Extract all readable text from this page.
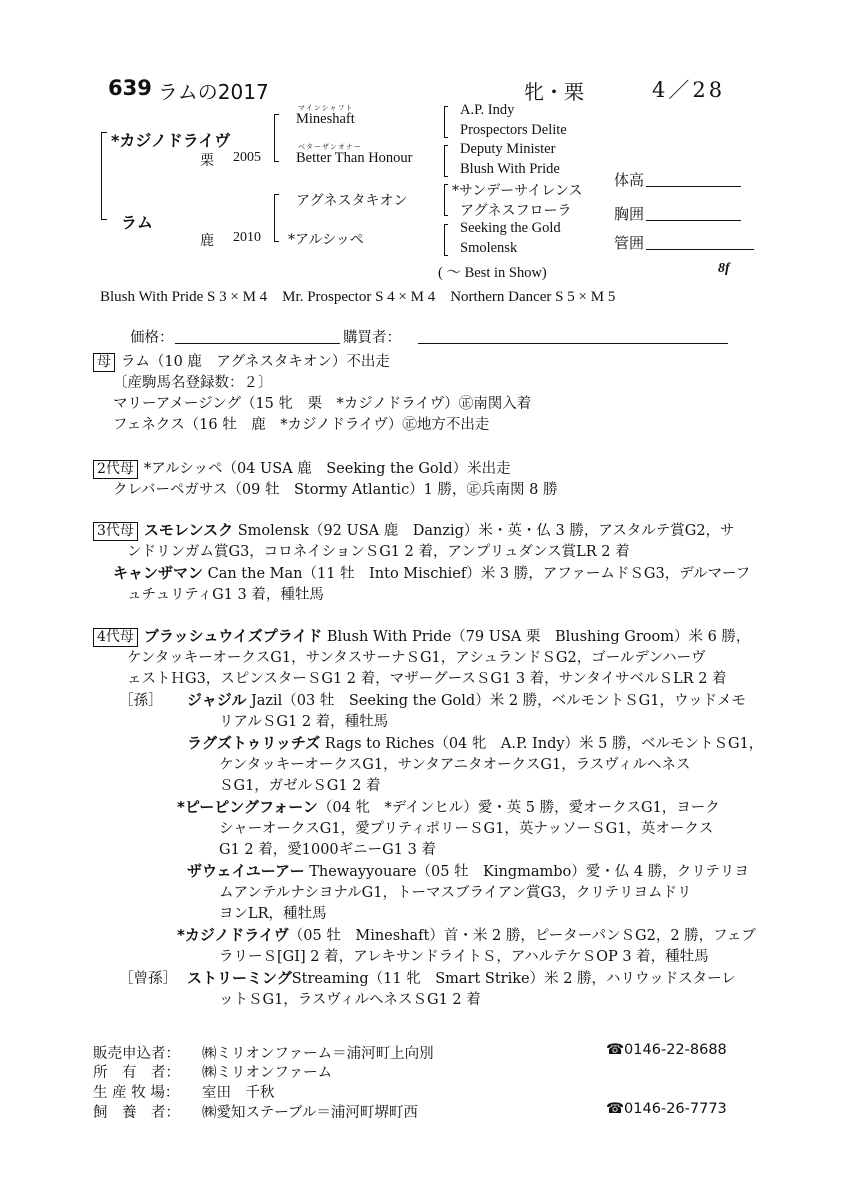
639 ラムの2017	牝・栗	4／28
*カジノドライヴ
栗 2005
マインシャフト
Mineshaft
ベターザンオナー
Better Than Honour
A.P. Indy
Prospectors Delite
Deputy Minister
Blush With Pride
ラム
鹿 2010
アグネスタキオン
*アルシッペ
*サンデーサイレンス
アグネスフローラ
Seeking the Gold
Smolensk
( ～ Best in Show)	8f
体高
胸囲
管囲
Blush With Pride S 3 × M 4　Mr. Prospector S 4 × M 4　Northern Dancer S 5 × M 5
価格：	購買者：
母 ラム（10 鹿　アグネスタキオン）不出走
〔産駒馬名登録数：２〕
マリーアメージング（15 牝　栗　*カジノドライヴ）㊣南関入着
フェネクス（16 牡　鹿　*カジノドライヴ）㊣地方不出走
2代母 *アルシッペ（04 USA 鹿　Seeking the Gold）米出走
クレバーペガサス（09 牡　Stormy Atlantic）1 勝，㊣兵南関 8 勝
3代母 スモレンスク Smolensk（92 USA 鹿　Danzig）米・英・仏 3 勝，アスタルテ賞G2，サ
ンドリンガム賞G3，コロネイションＳG1 2 着，アンプリュダンス賞LR 2 着
キャンザマン Can the Man（11 牡　Into Mischief）米 3 勝，アファームドＳG3，デルマーフ
ュチュリティG1 3 着，種牡馬
4代母 ブラッシュウイズプライド Blush With Pride（79 USA 栗　Blushing Groom）米 6 勝，
ケンタッキーオークスG1，サンタスサーナＳG1，アシュランドＳG2，ゴールデンハーヴ
ェストＨG3，スピンスターＳG1 2 着，マザーグースＳG1 3 着，サンタイサベルＳLR 2 着
［孫］ ジャジル Jazil（03 牡　Seeking the Gold）米 2 勝，ベルモントＳG1，ウッドメモ
リアルＳG1 2 着，種牡馬
ラグズトゥリッチズ Rags to Riches（04 牝　A.P. Indy）米 5 勝，ベルモントＳG1，
ケンタッキーオークスG1，サンタアニタオークスG1，ラスヴィルヘネス
ＳG1，ガゼルＳG1 2 着
*ピーピングフォーン（04 牝　*デインヒル）愛・英 5 勝，愛オークスG1，ヨーク
シャーオークスG1，愛プリティポリーＳG1，英ナッソーＳG1，英オークス
G1 2 着，愛1000ギニーG1 3 着
ザウェイユーアー Thewayyouare（05 牡　Kingmambo）愛・仏 4 勝，クリテリヨ
ムアンテルナシヨナルG1，トーマスブライアン賞G3，クリテリヨムドリ
ヨンLR，種牡馬
*カジノドライヴ（05 牡　Mineshaft）首・米 2 勝，ピーターパンＳG2，2 勝，フェブ
ラリーＳ[GⅠ] 2 着，アレキサンドライトＳ，アハルテケＳOP 3 着，種牡馬
［曾孫］ ストリーミングStreaming（11 牝　Smart Strike）米 2 勝，ハリウッドスターレ
ットＳG1，ラスヴィルヘネスＳG1 2 着
販売申込者： ㈱ミリオンファーム＝浦河町上向別	☎0146-22-8688
所　有　者： ㈱ミリオンファーム
生 産 牧 場： 室田　千秋
飼　養　者： ㈱愛知ステーブル＝浦河町堺町西	☎0146-26-7773
